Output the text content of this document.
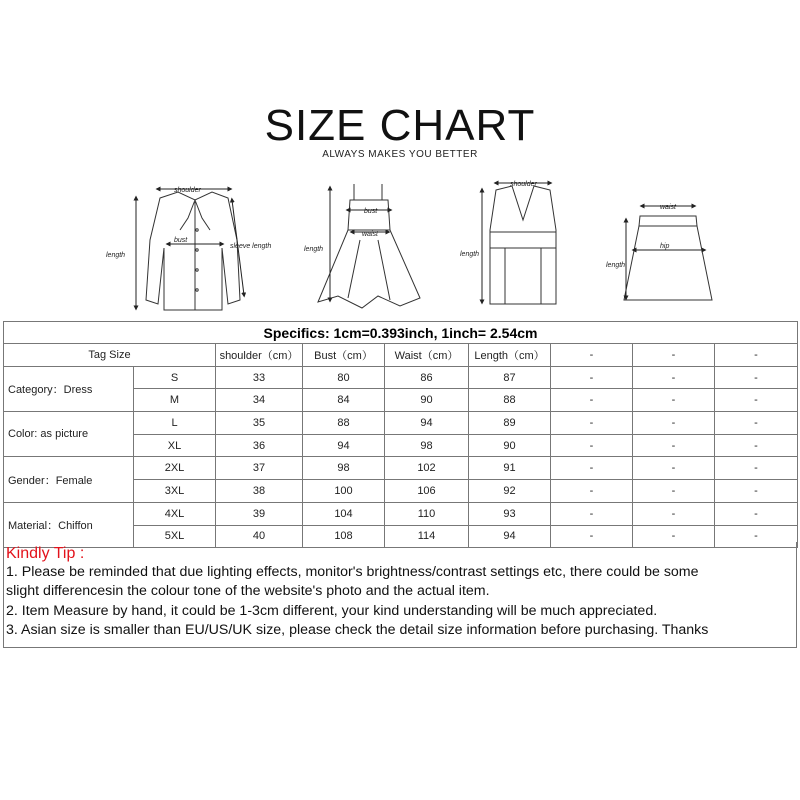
SIZE CHART
ALWAYS MAKES YOU BETTER
shoulder
length
bust
sleeve length
bust
waist
length
shoulder
length
waist
hip
length
Specifics: 1cm=0.393inch, 1inch= 2.54cm								
Tag Size		shoulder（cm）	Bust（cm）	Waist（cm）	Length（cm）	-	-	-
Category：Dress	S	33	80	86	87	-	-	-
	M	34	84	90	88	-	-	-
Color: as picture	L	35	88	94	89	-	-	-
	XL	36	94	98	90	-	-	-
Gender：Female	2XL	37	98	102	91	-	-	-
	3XL	38	100	106	92	-	-	-
Material：Chiffon	4XL	39	104	110	93	-	-	-
	5XL	40	108	114	94	-	-	-
Kindly Tip :
1. Please be reminded that due lighting effects, monitor's brightness/contrast settings etc, there could be some
slight differencesin the colour tone of the website's photo and the actual item.
2. Item Measure by hand, it could be 1-3cm different, your kind understanding will be much appreciated.
3. Asian size is smaller than EU/US/UK size, please check the detail size information before purchasing. Thanks
